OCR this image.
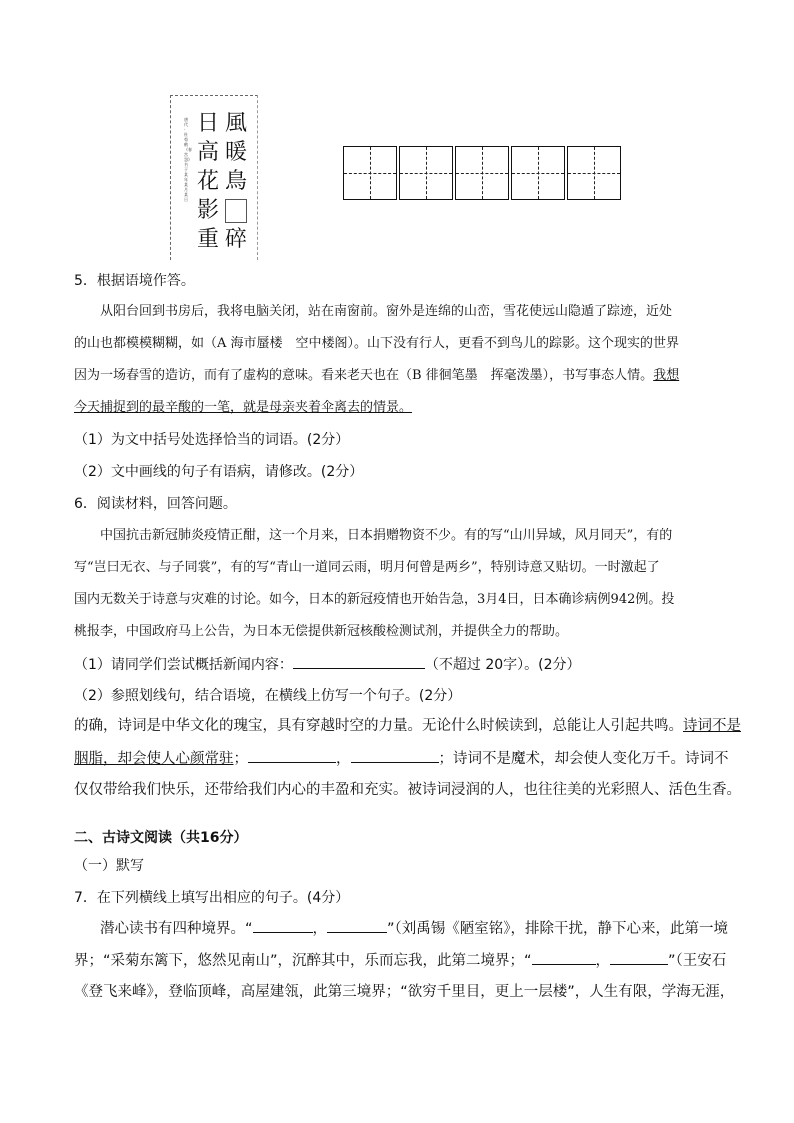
風
暖
鳥
碎
日
高
花
影
重
唐代·杜荀鹤《春宫怨》书于某年某月某日
5．根据语境作答。
从阳台回到书房后，我将电脑关闭，站在南窗前。窗外是连绵的山峦，雪花使远山隐遁了踪迹，近处
的山也都模模糊糊，如（A 海市蜃楼　空中楼阁）。山下没有行人，更看不到鸟儿的踪影。这个现实的世界
因为一场春雪的造访，而有了虚构的意味。看来老天也在（B 徘徊笔墨　挥毫泼墨），书写事态人情。我想
今天捕捉到的最辛酸的一笔，就是母亲夹着伞离去的情景。
（1）为文中括号处选择恰当的词语。(2分）
（2）文中画线的句子有语病，请修改。(2分）
6．阅读材料，回答问题。
中国抗击新冠肺炎疫情正酣，这一个月来，日本捐赠物资不少。有的写“山川异域，风月同天”，有的
写“岂曰无衣、与子同裳”，有的写“青山一道同云雨，明月何曾是两乡”，特别诗意又贴切。一时激起了
国内无数关于诗意与灾难的讨论。如今，日本的新冠疫情也开始告急，3月4日，日本确诊病例942例。投
桃报李，中国政府马上公告，为日本无偿提供新冠核酸检测试剂，并提供全力的帮助。
（1）请同学们尝试概括新闻内容：	（不超过 20字）。(2分）
（2）参照划线句，结合语境，在横线上仿写一个句子。(2分）
的确，诗词是中华文化的瑰宝，具有穿越时空的力量。无论什么时候读到，总能让人引起共鸣。诗词不是
胭脂，却会使人心颜常驻；	，	；诗词不是魔术，却会使人变化万千。诗词不
仅仅带给我们快乐，还带给我们内心的丰盈和充实。被诗词浸润的人，也往往美的光彩照人、活色生香。
二、古诗文阅读（共16分）
（一）默写
7．在下列横线上填写出相应的句子。(4分）
潜心读书有四种境界。“	，	”（刘禹锡《陋室铭》，排除干扰，静下心来，此第一境
界；“采菊东篱下，悠然见南山”，沉醉其中，乐而忘我，此第二境界；“	，	”（王安石
《登飞来峰》，登临顶峰，高屋建瓴，此第三境界；“欲穷千里目，更上一层楼”，人生有限，学海无涯，
